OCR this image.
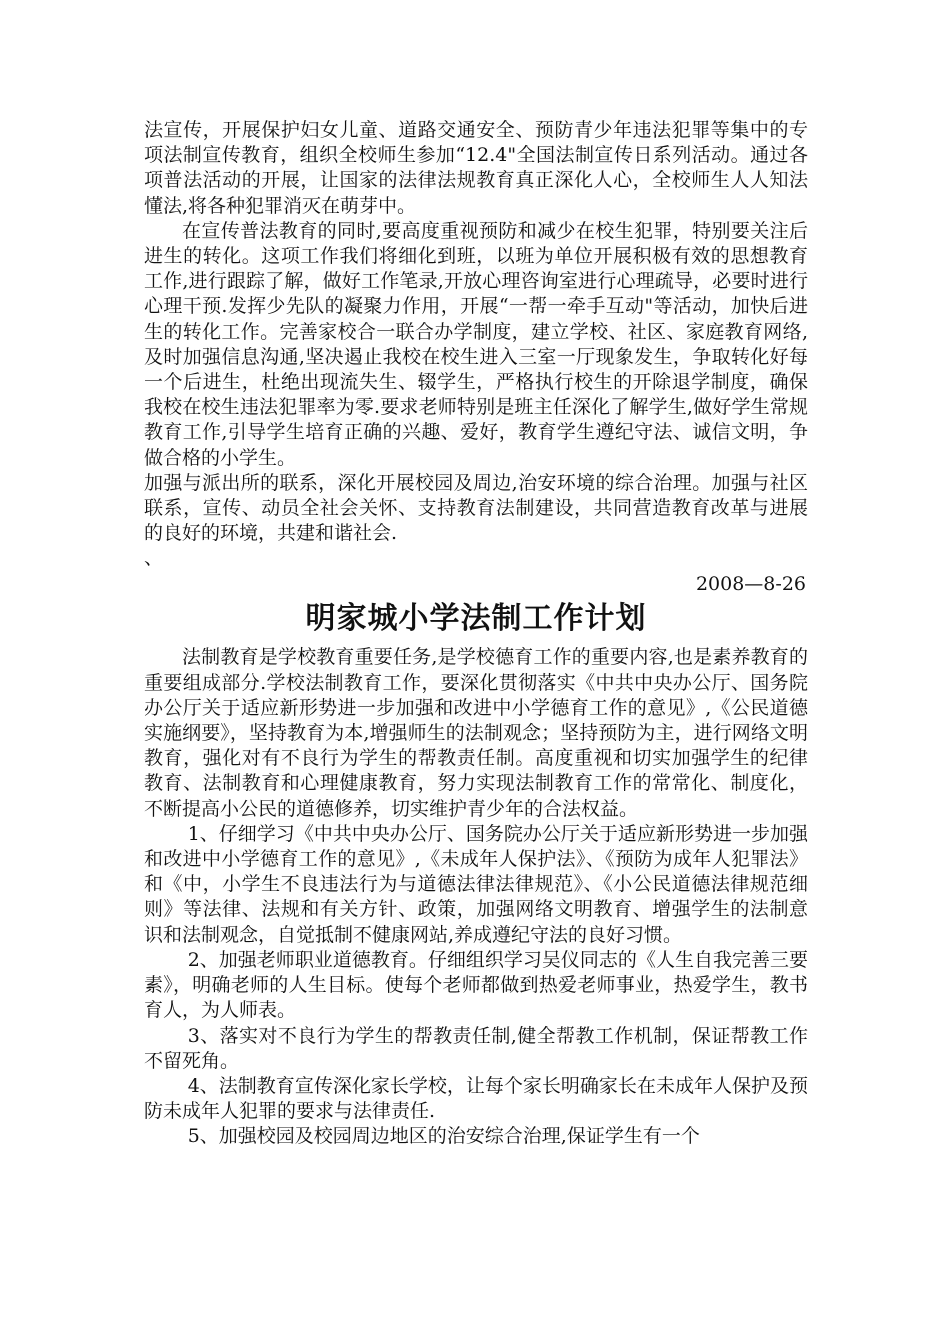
法宣传，开展保护妇女儿童、道路交通安全、预防青少年违法犯罪等集中的专项法制宣传教育，组织全校师生参加“12.4"全国法制宣传日系列活动。通过各项普法活动的开展，让国家的法律法规教育真正深化人心，全校师生人人知法懂法,将各种犯罪消灭在萌芽中。

在宣传普法教育的同时,要高度重视预防和减少在校生犯罪，特别要关注后进生的转化。这项工作我们将细化到班，以班为单位开展积极有效的思想教育工作,进行跟踪了解，做好工作笔录,开放心理咨询室进行心理疏导，必要时进行心理干预.发挥少先队的凝聚力作用，开展“一帮一牵手互动"等活动，加快后进生的转化工作。完善家校合一联合办学制度，建立学校、社区、家庭教育网络,及时加强信息沟通,坚决遏止我校在校生进入三室一厅现象发生，争取转化好每一个后进生，杜绝出现流失生、辍学生，严格执行校生的开除退学制度，确保我校在校生违法犯罪率为零.要求老师特别是班主任深化了解学生,做好学生常规教育工作,引导学生培育正确的兴趣、爱好，教育学生遵纪守法、诚信文明，争做合格的小学生。

加强与派出所的联系，深化开展校园及周边,治安环境的综合治理。加强与社区联系，宣传、动员全社会关怀、支持教育法制建设，共同营造教育改革与进展的良好的环境，共建和谐社会.

、

2008—8-26

明家城小学法制工作计划

法制教育是学校教育重要任务,是学校德育工作的重要内容,也是素养教育的重要组成部分.学校法制教育工作，要深化贯彻落实《中共中央办公厅、国务院办公厅关于适应新形势进一步加强和改进中小学德育工作的意见》,《公民道德实施纲要》，坚持教育为本,增强师生的法制观念；坚持预防为主，进行网络文明教育，强化对有不良行为学生的帮教责任制。高度重视和切实加强学生的纪律教育、法制教育和心理健康教育，努力实现法制教育工作的常常化、制度化，不断提高小公民的道德修养，切实维护青少年的合法权益。

1、仔细学习《中共中央办公厅、国务院办公厅关于适应新形势进一步加强和改进中小学德育工作的意见》,《未成年人保护法》、《预防为成年人犯罪法》和《中，小学生不良违法行为与道德法律法律规范》、《小公民道德法律规范细则》等法律、法规和有关方针、政策，加强网络文明教育、增强学生的法制意识和法制观念，自觉抵制不健康网站,养成遵纪守法的良好习惯。

2、加强老师职业道德教育。仔细组织学习吴仪同志的《人生自我完善三要素》，明确老师的人生目标。使每个老师都做到热爱老师事业，热爱学生，教书育人，为人师表。

3、落实对不良行为学生的帮教责任制,健全帮教工作机制，保证帮教工作不留死角。

4、法制教育宣传深化家长学校，让每个家长明确家长在未成年人保护及预防未成年人犯罪的要求与法律责任.

5、加强校园及校园周边地区的治安综合治理,保证学生有一个
